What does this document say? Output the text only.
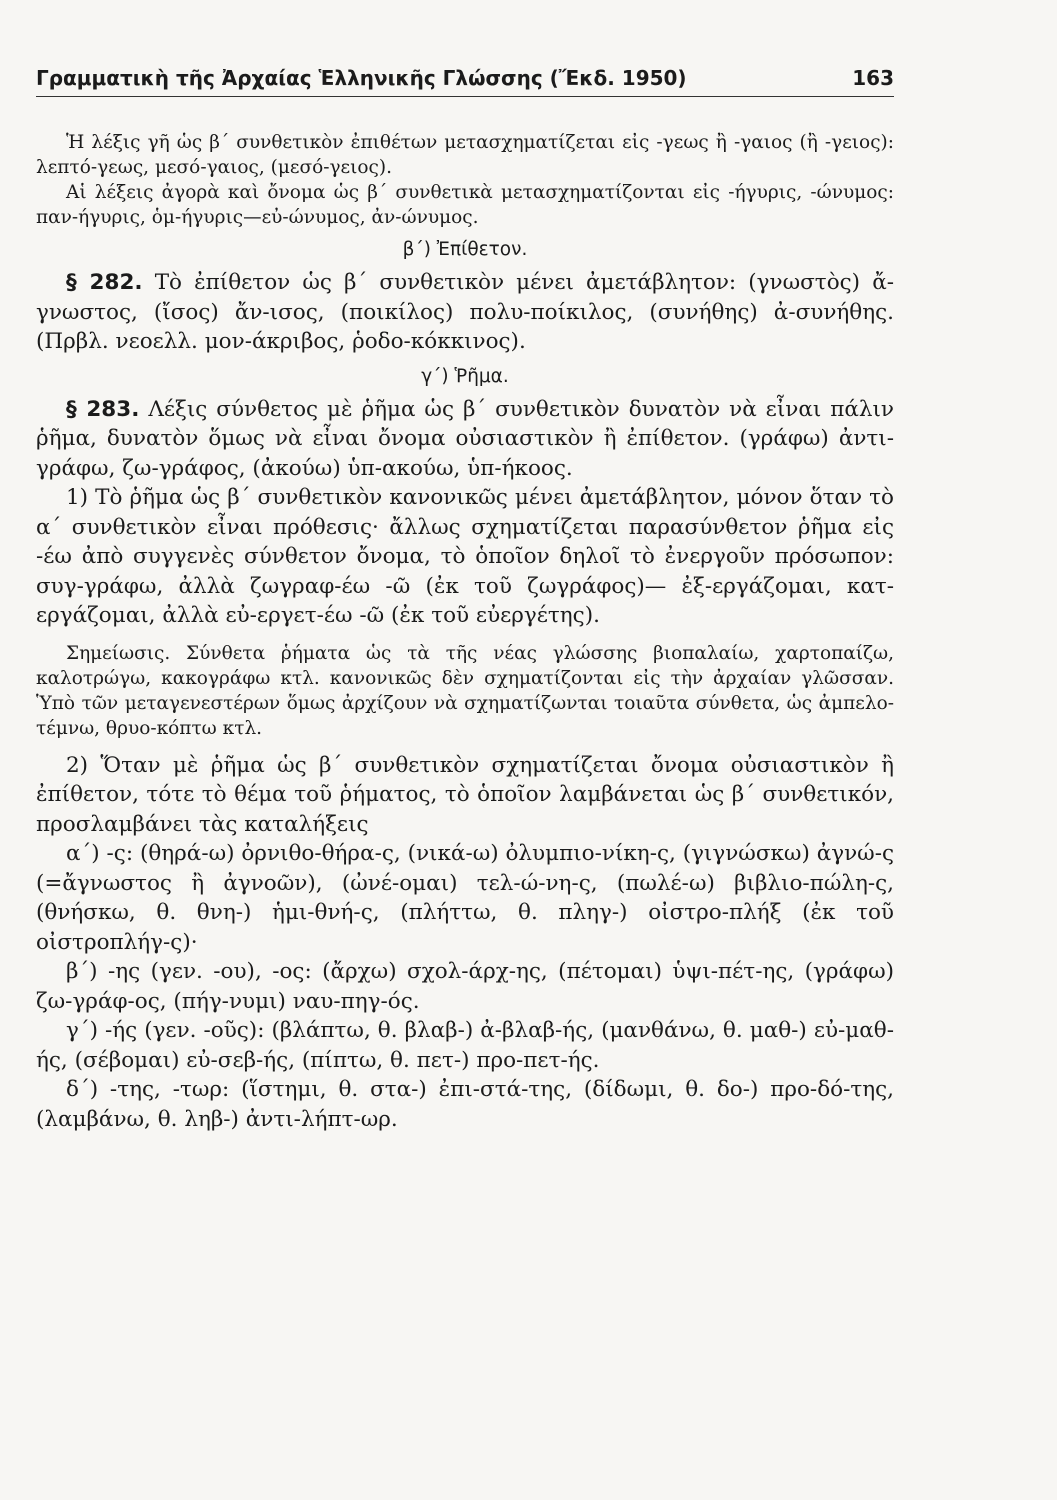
Γραμματικὴ τῆς Ἀρχαίας Ἑλληνικῆς Γλώσσης (Ἔκδ. 1950)	163

Ἡ λέξις γῆ ὡς β΄ συνθετικὸν ἐπιθέτων μετασχηματίζεται εἰς -γεως ἢ -γαιος (ἢ -γειος): λεπτό-γεως, μεσό-γαιος, (μεσό-γειος).

Αἱ λέξεις ἀγορὰ καὶ ὄνομα ὡς β΄ συνθετικὰ μετασχηματίζονται εἰς -ήγυρις, -ώνυμος: παν-ήγυρις, ὁμ-ήγυρις—εὐ-ώνυμος, ἀν-ώνυμος.

β΄) Ἐπίθετον.

§ 282. Τὸ ἐπίθετον ὡς β΄ συνθετικὸν μένει ἀμετάβλητον: (γνωστὸς) ἄ-γνωστος, (ἴσος) ἄν-ισος, (ποικίλος) πολυ-ποίκιλος, (συνήθης) ἀ-συνήθης. (Πρβλ. νεοελλ. μον-άκριβος, ῥοδο-κόκκινος).

γ΄) Ῥῆμα.

§ 283. Λέξις σύνθετος μὲ ῥῆμα ὡς β΄ συνθετικὸν δυνατὸν νὰ εἶναι πάλιν ῥῆμα, δυνατὸν ὅμως νὰ εἶναι ὄνομα οὐσιαστικὸν ἢ ἐπίθετον. (γράφω) ἀντι-γράφω, ζω-γράφος, (ἀκούω) ὑπ-ακούω, ὑπ-ήκοος.

1) Τὸ ῥῆμα ὡς β΄ συνθετικὸν κανονικῶς μένει ἀμετάβλητον, μόνον ὅταν τὸ α΄ συνθετικὸν εἶναι πρόθεσις· ἄλλως σχηματίζεται παρασύνθετον ῥῆμα εἰς -έω ἀπὸ συγγενὲς σύνθετον ὄνομα, τὸ ὁποῖον δηλοῖ τὸ ἐνεργοῦν πρόσωπον: συγ-γράφω, ἀλλὰ ζωγραφ-έω -ῶ (ἐκ τοῦ ζωγράφος)— ἐξ-εργάζομαι, κατ-εργάζομαι, ἀλλὰ εὐ-εργετ-έω -ῶ (ἐκ τοῦ εὐεργέτης).

Σημείωσις. Σύνθετα ῥήματα ὡς τὰ τῆς νέας γλώσσης βιοπαλαίω, χαρτοπαίζω, καλοτρώγω, κακογράφω κτλ. κανονικῶς δὲν σχηματίζονται εἰς τὴν ἀρχαίαν γλῶσσαν. Ὑπὸ τῶν μεταγενεστέρων ὅμως ἀρχίζουν νὰ σχηματίζωνται τοιαῦτα σύνθετα, ὡς ἀμπελο-τέμνω, θρυο-κόπτω κτλ.

2) Ὅταν μὲ ῥῆμα ὡς β΄ συνθετικὸν σχηματίζεται ὄνομα οὐσιαστικὸν ἢ ἐπίθετον, τότε τὸ θέμα τοῦ ῥήματος, τὸ ὁποῖον λαμβάνεται ὡς β΄ συνθετικόν, προσλαμβάνει τὰς καταλήξεις

α΄) -ς: (θηρά-ω) ὀρνιθο-θήρα-ς, (νικά-ω) ὀλυμπιο-νίκη-ς, (γιγνώσκω) ἀγνώ-ς (=ἄγνωστος ἢ ἀγνοῶν), (ὠνέ-ομαι) τελ-ώ-νη-ς, (πωλέ-ω) βιβλιο-πώλη-ς, (θνήσκω, θ. θνη-) ἡμι-θνή-ς, (πλήττω, θ. πληγ-) οἰστρο-πλήξ (ἐκ τοῦ οἰστροπλήγ-ς)·

β΄) -ης (γεν. -ου), -ος: (ἄρχω) σχολ-άρχ-ης, (πέτομαι) ὑψι-πέτ-ης, (γράφω) ζω-γράφ-ος, (πήγ-νυμι) ναυ-πηγ-ός.

γ΄) -ής (γεν. -οῦς): (βλάπτω, θ. βλαβ-) ἀ-βλαβ-ής, (μανθάνω, θ. μαθ-) εὐ-μαθ-ής, (σέβομαι) εὐ-σεβ-ής, (πίπτω, θ. πετ-) προ-πετ-ής.

δ΄) -της, -τωρ: (ἵστημι, θ. στα-) ἐπι-στά-της, (δίδωμι, θ. δο-) προ-δό-της, (λαμβάνω, θ. ληβ-) ἀντι-λήπτ-ωρ.
